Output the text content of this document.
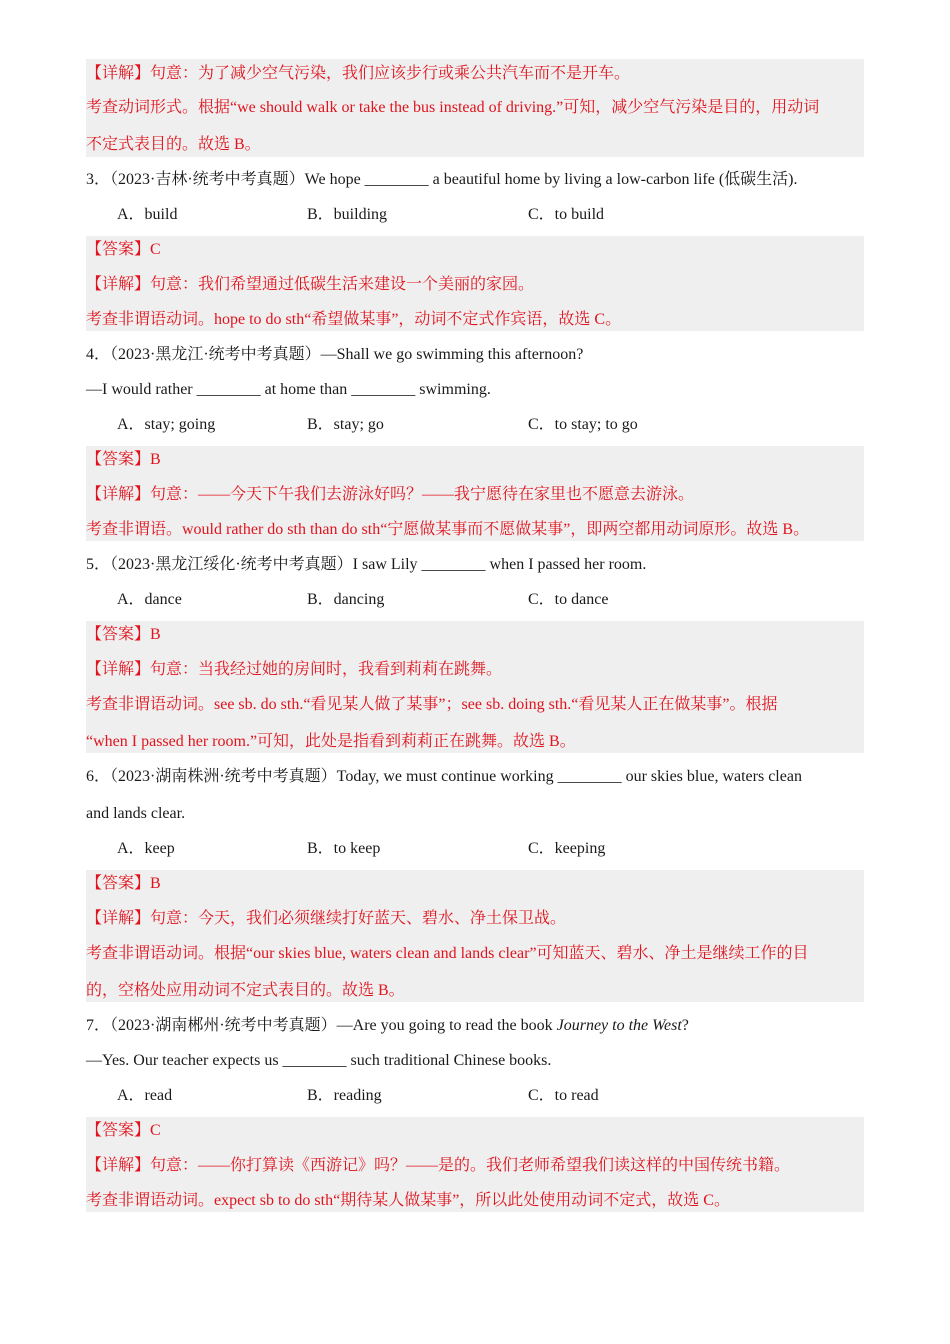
【详解】句意：为了减少空气污染，我们应该步行或乘公共汽车而不是开车。
考查动词形式。根据“we should walk or take the bus instead of driving.”可知，减少空气污染是目的，用动词
不定式表目的。故选 B。
3．（2023·吉林·统考中考真题）We hope ________ a beautiful home by living a low-carbon life (低碳生活).
A．build	B．building	C．to build
【答案】C
【详解】句意：我们希望通过低碳生活来建设一个美丽的家园。
考查非谓语动词。hope to do sth“希望做某事”，动词不定式作宾语，故选 C。
4．（2023·黑龙江·统考中考真题）—Shall we go swimming this afternoon?
—I would rather ________ at home than ________ swimming.
A．stay; going	B．stay; go	C．to stay; to go
【答案】B
【详解】句意：——今天下午我们去游泳好吗？——我宁愿待在家里也不愿意去游泳。
考查非谓语。would rather do sth than do sth“宁愿做某事而不愿做某事”，即两空都用动词原形。故选 B。
5．（2023·黑龙江绥化·统考中考真题）I saw Lily ________ when I passed her room.
A．dance	B．dancing	C．to dance
【答案】B
【详解】句意：当我经过她的房间时，我看到莉莉在跳舞。
考查非谓语动词。see sb. do sth.“看见某人做了某事”；see sb. doing sth.“看见某人正在做某事”。根据
“when I passed her room.”可知，此处是指看到莉莉正在跳舞。故选 B。
6．（2023·湖南株洲·统考中考真题）Today, we must continue working ________ our skies blue, waters clean
and lands clear.
A．keep	B．to keep	C．keeping
【答案】B
【详解】句意：今天，我们必须继续打好蓝天、碧水、净土保卫战。
考查非谓语动词。根据“our skies blue, waters clean and lands clear”可知蓝天、碧水、净土是继续工作的目
的，空格处应用动词不定式表目的。故选 B。
7．（2023·湖南郴州·统考中考真题）—Are you going to read the book Journey to the West?
—Yes. Our teacher expects us ________ such traditional Chinese books.
A．read	B．reading	C．to read
【答案】C
【详解】句意：——你打算读《西游记》吗？——是的。我们老师希望我们读这样的中国传统书籍。
考查非谓语动词。expect sb to do sth“期待某人做某事”，所以此处使用动词不定式，故选 C。
